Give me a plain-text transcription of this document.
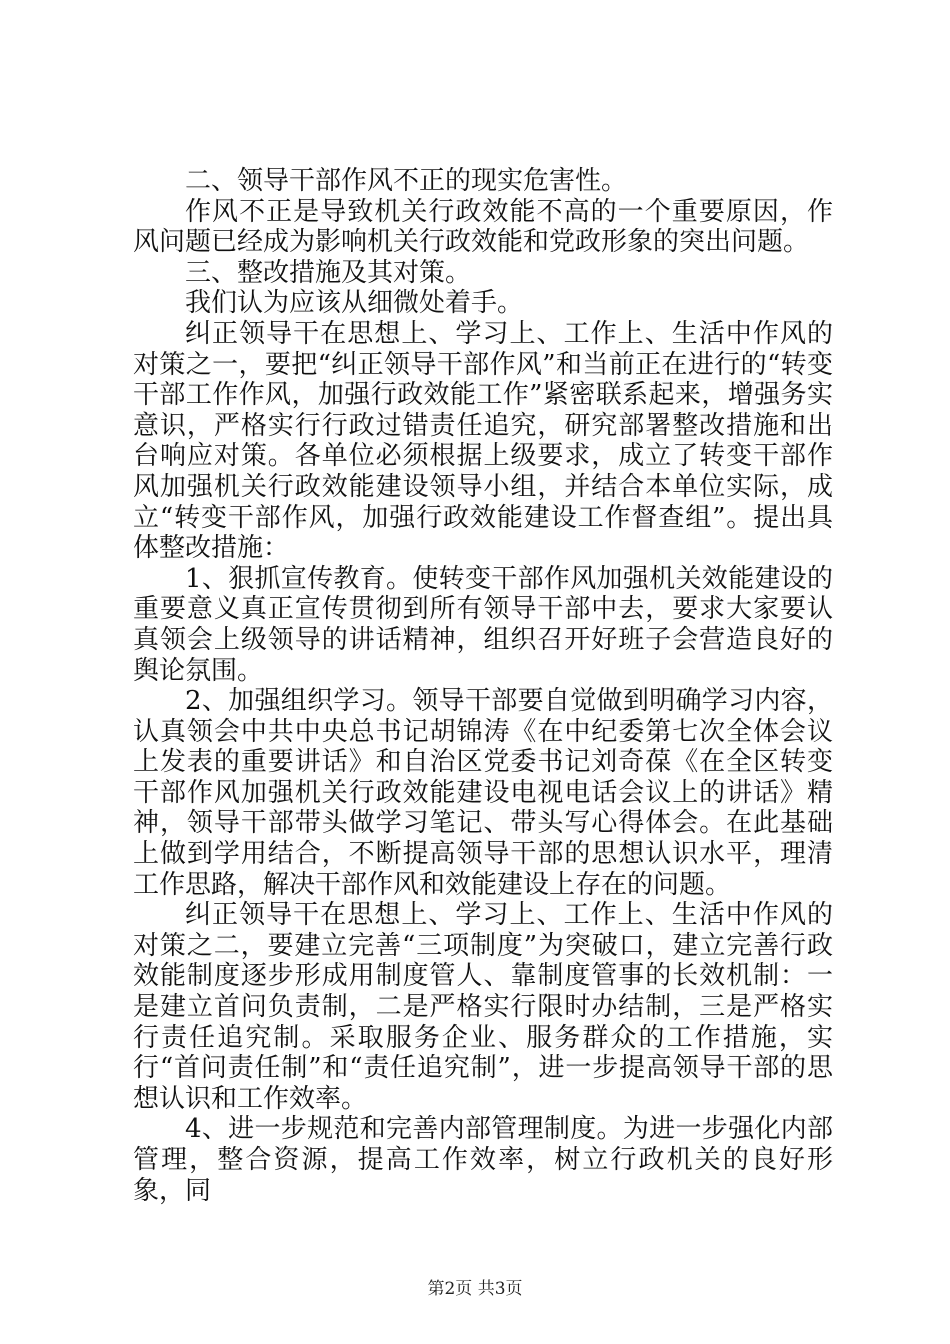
二、领导干部作风不正的现实危害性。

作风不正是导致机关行政效能不高的一个重要原因，作风问题已经成为影响机关行政效能和党政形象的突出问题。

三、整改措施及其对策。

我们认为应该从细微处着手。

纠正领导干在思想上、学习上、工作上、生活中作风的对策之一，要把“纠正领导干部作风”和当前正在进行的“转变干部工作作风，加强行政效能工作”紧密联系起来，增强务实意识，严格实行行政过错责任追究，研究部署整改措施和出台响应对策。各单位必须根据上级要求，成立了转变干部作风加强机关行政效能建设领导小组，并结合本单位实际，成立“转变干部作风，加强行政效能建设工作督查组”。提出具体整改措施：

1、狠抓宣传教育。使转变干部作风加强机关效能建设的重要意义真正宣传贯彻到所有领导干部中去，要求大家要认真领会上级领导的讲话精神，组织召开好班子会营造良好的舆论氛围。

2、加强组织学习。领导干部要自觉做到明确学习内容，认真领会中共中央总书记胡锦涛《在中纪委第七次全体会议上发表的重要讲话》和自治区党委书记刘奇葆《在全区转变干部作风加强机关行政效能建设电视电话会议上的讲话》精神，领导干部带头做学习笔记、带头写心得体会。在此基础上做到学用结合，不断提高领导干部的思想认识水平，理清工作思路，解决干部作风和效能建设上存在的问题。

纠正领导干在思想上、学习上、工作上、生活中作风的对策之二，要建立完善“三项制度”为突破口，建立完善行政效能制度逐步形成用制度管人、靠制度管事的长效机制：一是建立首问负责制，二是严格实行限时办结制，三是严格实行责任追究制。采取服务企业、服务群众的工作措施，实行“首问责任制”和“责任追究制”，进一步提高领导干部的思想认识和工作效率。

4、进一步规范和完善内部管理制度。为进一步强化内部管理，整合资源，提高工作效率，树立行政机关的良好形象，同

第2页 共3页
